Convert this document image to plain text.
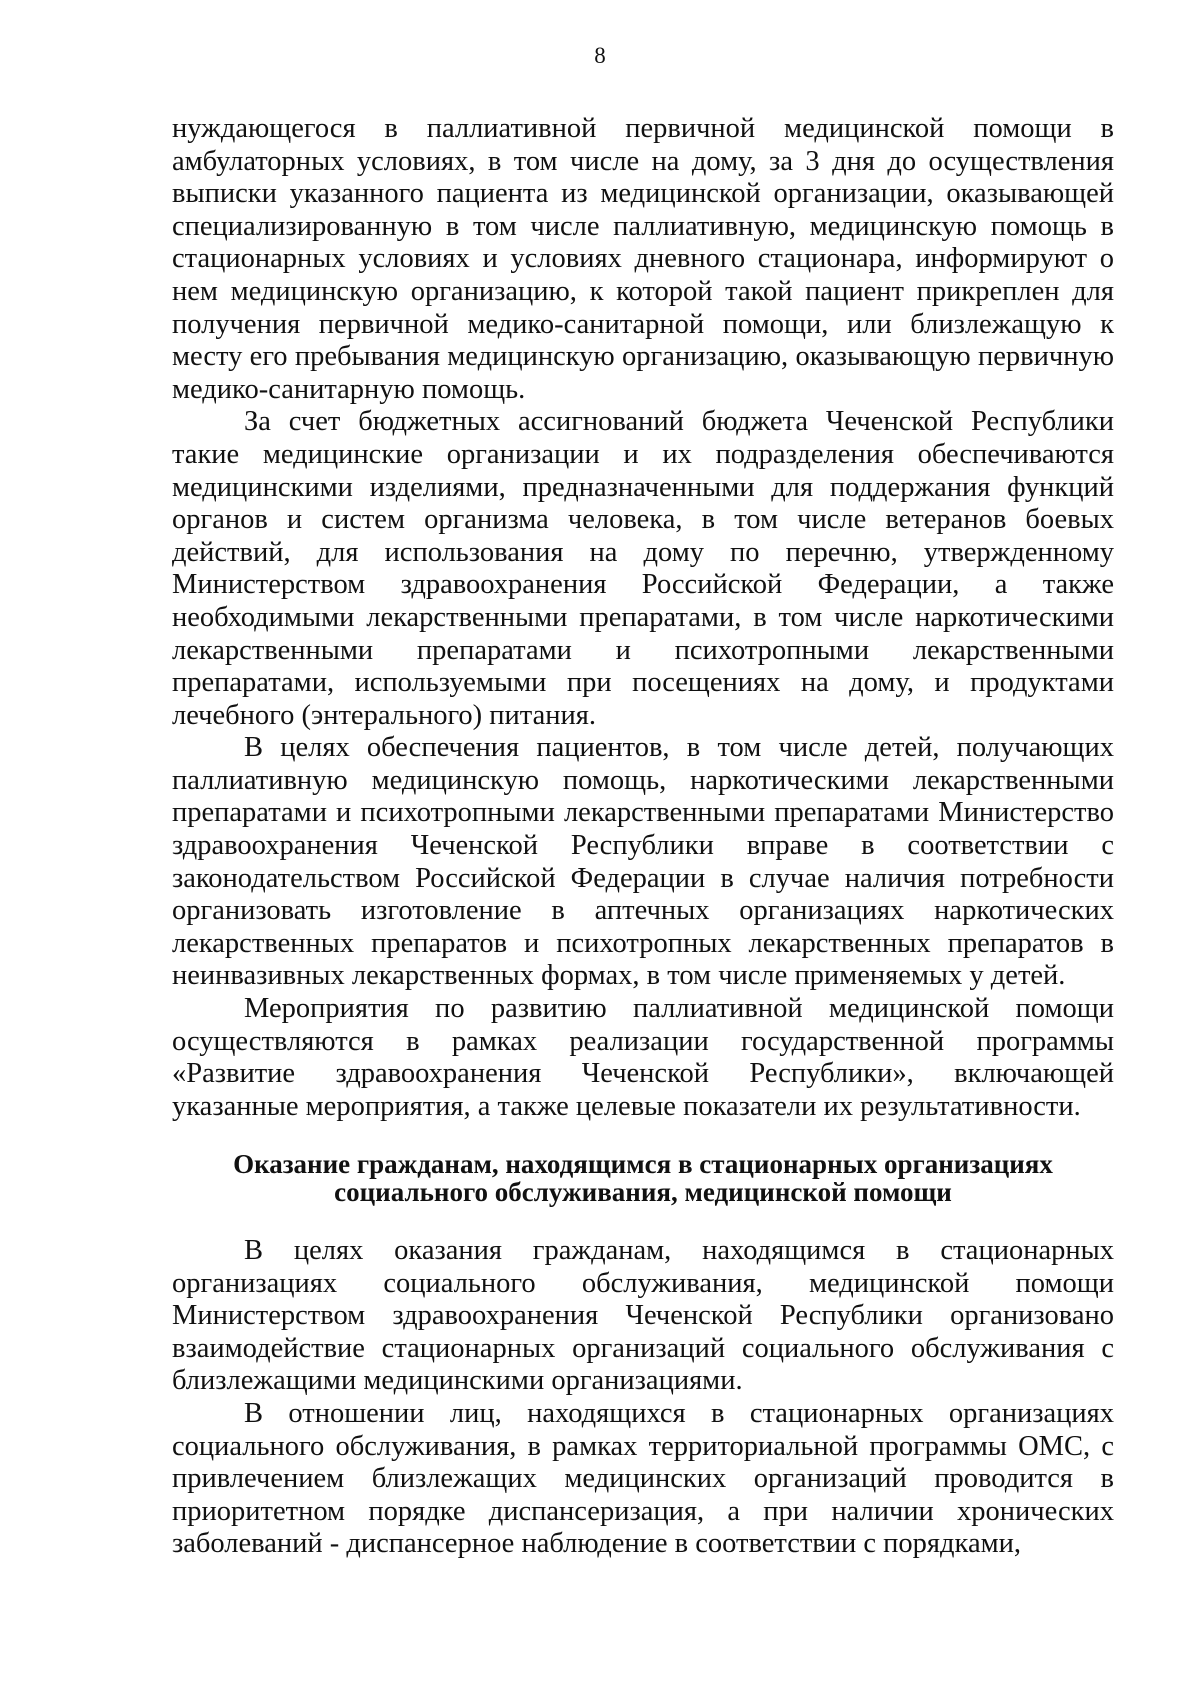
8

нуждающегося в паллиативной первичной медицинской помощи в амбулаторных условиях, в том числе на дому, за 3 дня до осуществления выписки указанного пациента из медицинской организации, оказывающей специализированную в том числе паллиативную, медицинскую помощь в стационарных условиях и условиях дневного стационара, информируют о нем медицинскую организацию, к которой такой пациент прикреплен для получения первичной медико-санитарной помощи, или близлежащую к месту его пребывания медицинскую организацию, оказывающую первичную медико-санитарную помощь.

За счет бюджетных ассигнований бюджета Чеченской Республики такие медицинские организации и их подразделения обеспечиваются медицинскими изделиями, предназначенными для поддержания функций органов и систем организма человека, в том числе ветеранов боевых действий, для использования на дому по перечню, утвержденному Министерством здравоохранения Российской Федерации, а также необходимыми лекарственными препаратами, в том числе наркотическими лекарственными препаратами и психотропными лекарственными препаратами, используемыми при посещениях на дому, и продуктами лечебного (энтерального) питания.

В целях обеспечения пациентов, в том числе детей, получающих паллиативную медицинскую помощь, наркотическими лекарственными препаратами и психотропными лекарственными препаратами Министерство здравоохранения Чеченской Республики вправе в соответствии с законодательством Российской Федерации в случае наличия потребности организовать изготовление в аптечных организациях наркотических лекарственных препаратов и психотропных лекарственных препаратов в неинвазивных лекарственных формах, в том числе применяемых у детей.

Мероприятия по развитию паллиативной медицинской помощи осуществляются в рамках реализации государственной программы «Развитие здравоохранения Чеченской Республики», включающей указанные мероприятия, а также целевые показатели их результативности.

Оказание гражданам, находящимся в стационарных организациях
социального обслуживания, медицинской помощи

В целях оказания гражданам, находящимся в стационарных организациях социального обслуживания, медицинской помощи Министерством здравоохранения Чеченской Республики организовано взаимодействие стационарных организаций социального обслуживания с близлежащими медицинскими организациями.

В отношении лиц, находящихся в стационарных организациях социального обслуживания, в рамках территориальной программы ОМС, с привлечением близлежащих медицинских организаций проводится в приоритетном порядке диспансеризация, а при наличии хронических заболеваний - диспансерное наблюдение в соответствии с порядками,
